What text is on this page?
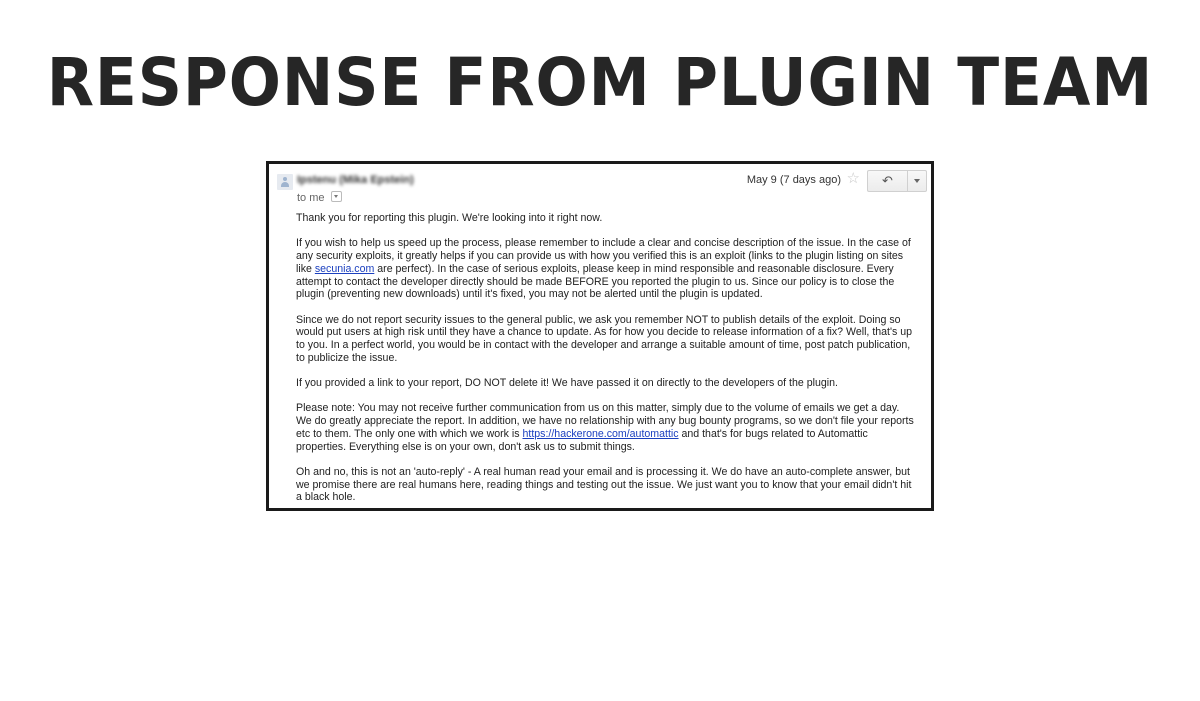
RESPONSE FROM PLUGIN TEAM
Ipstenu (Mika Epstein)
to me
May 9 (7 days ago) ☆ ↶

Thank you for reporting this plugin. We're looking into it right now.

If you wish to help us speed up the process, please remember to include a clear and concise description of the issue. In the case of any security exploits, it greatly helps if you can provide us with how you verified this is an exploit (links to the plugin listing on sites like secunia.com are perfect). In the case of serious exploits, please keep in mind responsible and reasonable disclosure. Every attempt to contact the developer directly should be made BEFORE you reported the plugin to us. Since our policy is to close the plugin (preventing new downloads) until it's fixed, you may not be alerted until the plugin is updated.

Since we do not report security issues to the general public, we ask you remember NOT to publish details of the exploit. Doing so would put users at high risk until they have a chance to update. As for how you decide to release information of a fix? Well, that's up to you. In a perfect world, you would be in contact with the developer and arrange a suitable amount of time, post patch publication, to publicize the issue.

If you provided a link to your report, DO NOT delete it! We have passed it on directly to the developers of the plugin.

Please note: You may not receive further communication from us on this matter, simply due to the volume of emails we get a day. We do greatly appreciate the report. In addition, we have no relationship with any bug bounty programs, so we don't file your reports etc to them. The only one with which we work is https://hackerone.com/automattic and that's for bugs related to Automattic properties. Everything else is on your own, don't ask us to submit things.

Oh and no, this is not an 'auto-reply' - A real human read your email and is processing it. We do have an auto-complete answer, but we promise there are real humans here, reading things and testing out the issue. We just want you to know that your email didn't hit a black hole.
